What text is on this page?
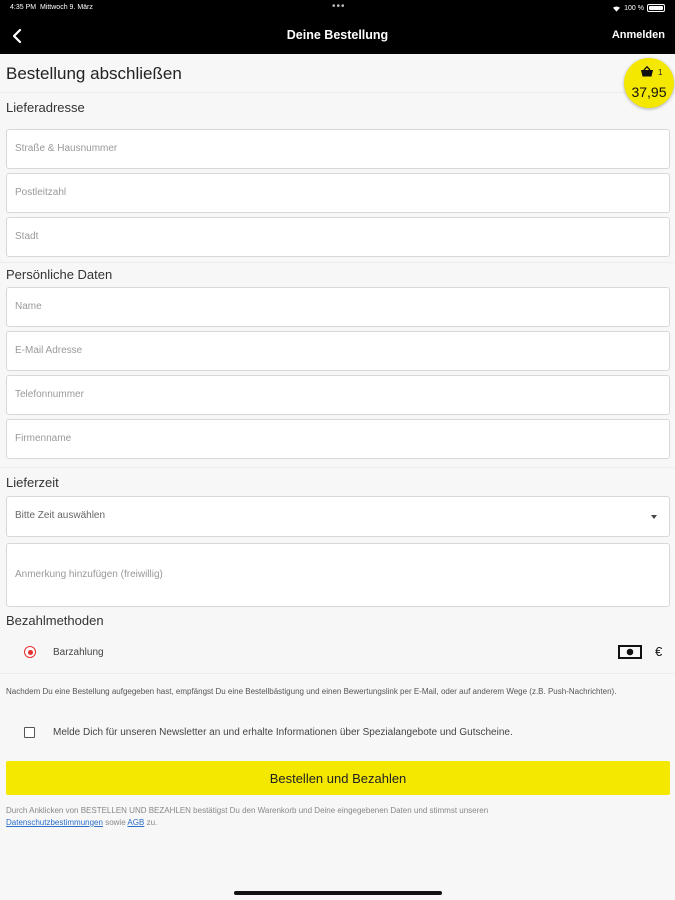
4:35 PM Mittwoch 9. März	•••	100 %
Deine Bestellung	Anmelden
Bestellung abschließen	1
37,95
Lieferadresse
Straße & Hausnummer
Postleitzahl
Stadt
Persönliche Daten
Name
E-Mail Adresse
Telefonnummer
Firmenname
Lieferzeit
Bitte Zeit auswählen
Anmerkung hinzufügen (freiwillig)
Bezahlmethoden
Barzahlung	€
Nachdem Du eine Bestellung aufgegeben hast, empfängst Du eine Bestellbästigung und einen Bewertungslink per E-Mail, oder auf anderem Wege (z.B. Push-Nachrichten).
Melde Dich für unseren Newsletter an und erhalte Informationen über Spezialangebote und Gutscheine.
Bestellen und Bezahlen
Durch Anklicken von BESTELLEN UND BEZAHLEN bestätigst Du den Warenkorb und Deine eingegebenen Daten und stimmst unseren
Datenschutzbestimmungen sowie AGB zu.
